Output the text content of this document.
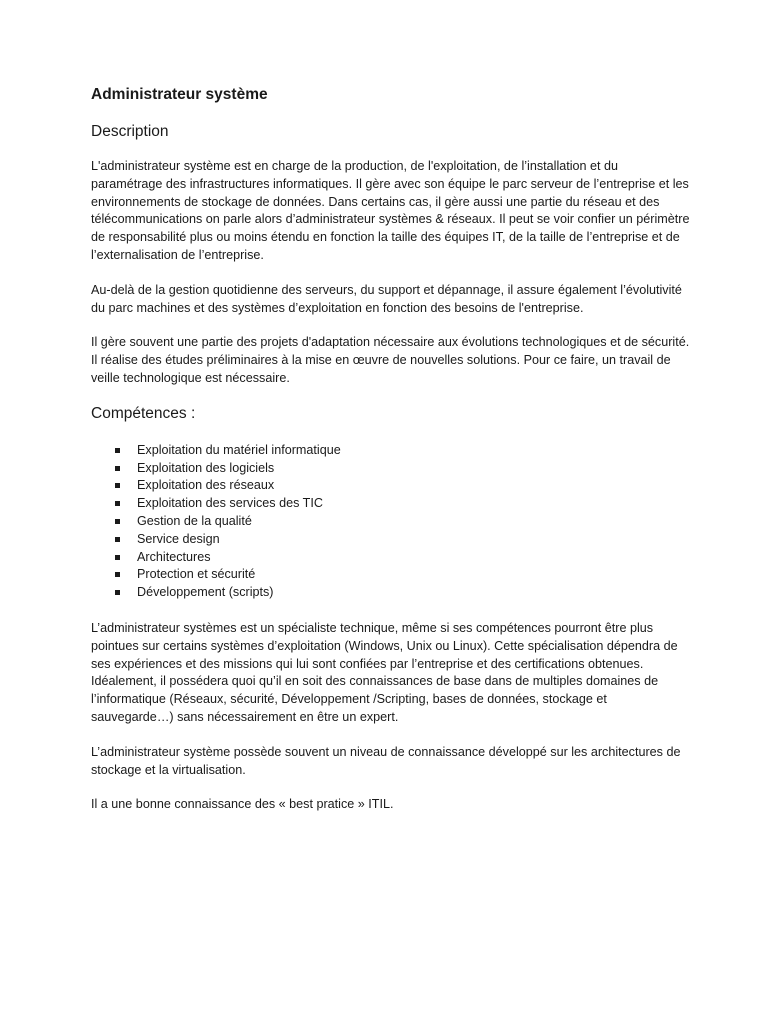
Administrateur système
Description

L'administrateur système est en charge de la production, de l'exploitation, de l’installation et du paramétrage des infrastructures informatiques. Il gère avec son équipe le parc serveur de l’entreprise et les environnements de stockage de données. Dans certains cas, il gère aussi une partie du réseau et des télécommunications on parle alors d’administrateur systèmes & réseaux. Il peut se voir confier un périmètre de responsabilité plus ou moins étendu en fonction la taille des équipes IT, de la taille de l’entreprise et de l’externalisation de l’entreprise.

Au-delà de la gestion quotidienne des serveurs, du support et dépannage, il assure également l’évolutivité du parc machines et des systèmes d’exploitation en fonction des besoins de l'entreprise.

Il gère souvent une partie des projets d'adaptation nécessaire aux évolutions technologiques et de sécurité. Il réalise des études préliminaires à la mise en œuvre de nouvelles solutions. Pour ce faire, un travail de veille technologique est nécessaire.

Compétences :
Exploitation du matériel informatique
Exploitation des logiciels
Exploitation des réseaux
Exploitation des services des TIC
Gestion de la qualité
Service design
Architectures
Protection et sécurité
Développement (scripts)

L’administrateur systèmes est un spécialiste technique, même si ses compétences pourront être plus pointues sur certains systèmes d’exploitation (Windows, Unix ou Linux). Cette spécialisation dépendra de ses expériences et des missions qui lui sont confiées par l’entreprise et des certifications obtenues. Idéalement, il possédera quoi qu’il en soit des connaissances de base dans de multiples domaines de l’informatique (Réseaux, sécurité, Développement /Scripting, bases de données, stockage et sauvegarde…) sans nécessairement en être un expert.

L’administrateur système possède souvent un niveau de connaissance développé sur les architectures de stockage et la virtualisation.

Il a une bonne connaissance des « best pratice » ITIL.
